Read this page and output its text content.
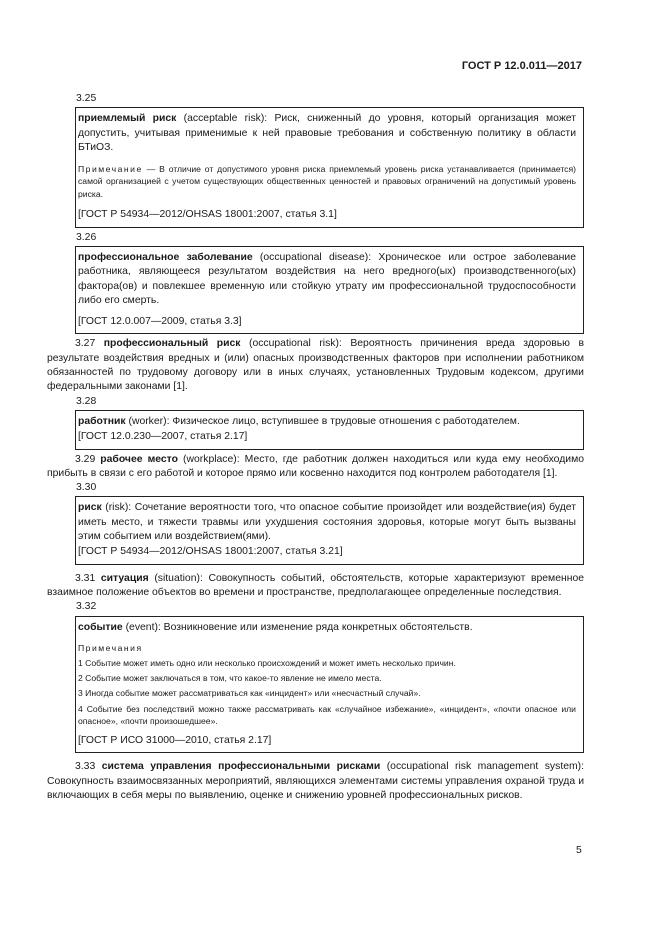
ГОСТ Р 12.0.011—2017
3.25

приемлемый риск (acceptable risk): Риск, сниженный до уровня, который организация может допустить, учитывая применимые к ней правовые требования и собственную политику в области БТиОЗ.

Примечание — В отличие от допустимого уровня риска приемлемый уровень риска устанавливается (принимается) самой организацией с учетом существующих общественных ценностей и правовых ограничений на допустимый уровень риска.

[ГОСТ Р 54934—2012/OHSAS 18001:2007, статья 3.1]

3.26

профессиональное заболевание (occupational disease): Хроническое или острое заболевание работника, являющееся результатом воздействия на него вредного(ых) производственного(ых) фактора(ов) и повлекшее временную или стойкую утрату им профессиональной трудоспособности либо его смерть.

[ГОСТ 12.0.007—2009, статья 3.3]

3.27 профессиональный риск (occupational risk): Вероятность причинения вреда здоровью в результате воздействия вредных и (или) опасных производственных факторов при исполнении работником обязанностей по трудовому договору или в иных случаях, установленных Трудовым кодексом, другими федеральными законами [1].

3.28

работник (worker): Физическое лицо, вступившее в трудовые отношения с работодателем.

[ГОСТ 12.0.230—2007, статья 2.17]

3.29 рабочее место (workplace): Место, где работник должен находиться или куда ему необходимо прибыть в связи с его работой и которое прямо или косвенно находится под контролем работодателя [1].

3.30

риск (risk): Сочетание вероятности того, что опасное событие произойдет или воздействие(ия) будет иметь место, и тяжести травмы или ухудшения состояния здоровья, которые могут быть вызваны этим событием или воздействием(ями).

[ГОСТ Р 54934—2012/OHSAS 18001:2007, статья 3.21]

3.31 ситуация (situation): Совокупность событий, обстоятельств, которые характеризуют временное взаимное положение объектов во времени и пространстве, предполагающее определенные последствия.

3.32

событие (event): Возникновение или изменение ряда конкретных обстоятельств.

Примечания

1 Событие может иметь одно или несколько происхождений и может иметь несколько причин.

2 Событие может заключаться в том, что какое-то явление не имело места.

3 Иногда событие может рассматриваться как «инцидент» или «несчастный случай».

4 Событие без последствий можно также рассматривать как «случайное избежание», «инцидент», «почти опасное или опасное», «почти произошедшее».

[ГОСТ Р ИСО 31000—2010, статья 2.17]

3.33 система управления профессиональными рисками (occupational risk management system): Совокупность взаимосвязанных мероприятий, являющихся элементами системы управления охраной труда и включающих в себя меры по выявлению, оценке и снижению уровней профессиональных рисков.

5
